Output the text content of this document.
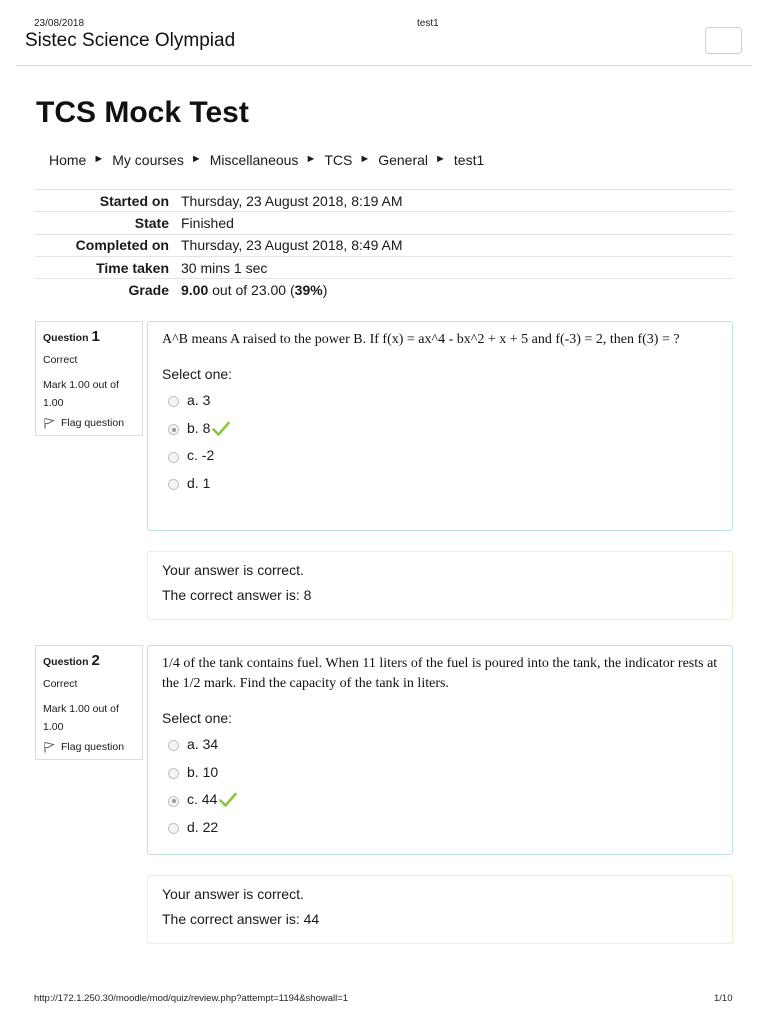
23/08/2018	test1
Sistec Science Olympiad
TCS Mock Test
Home ► My courses ► Miscellaneous ► TCS ► General ► test1
Started on	Thursday, 23 August 2018, 8:19 AM
State	Finished
Completed on	Thursday, 23 August 2018, 8:49 AM
Time taken	30 mins 1 sec
Grade	9.00 out of 23.00 (39%)
Question 1
Correct
Mark 1.00 out of 1.00
Flag question
A^B means A raised to the power B. If f(x) = ax^4 - bx^2 + x + 5 and f(-3) = 2, then f(3) = ?
Select one:
a. 3
b. 8
c. -2
d. 1
Your answer is correct.
The correct answer is: 8
Question 2
Correct
Mark 1.00 out of 1.00
Flag question
1/4 of the tank contains fuel. When 11 liters of the fuel is poured into the tank, the indicator rests at the 1/2 mark. Find the capacity of the tank in liters.
Select one:
a. 34
b. 10
c. 44
d. 22
Your answer is correct.
The correct answer is: 44
http://172.1.250.30/moodle/mod/quiz/review.php?attempt=1194&showall=1	1/10
